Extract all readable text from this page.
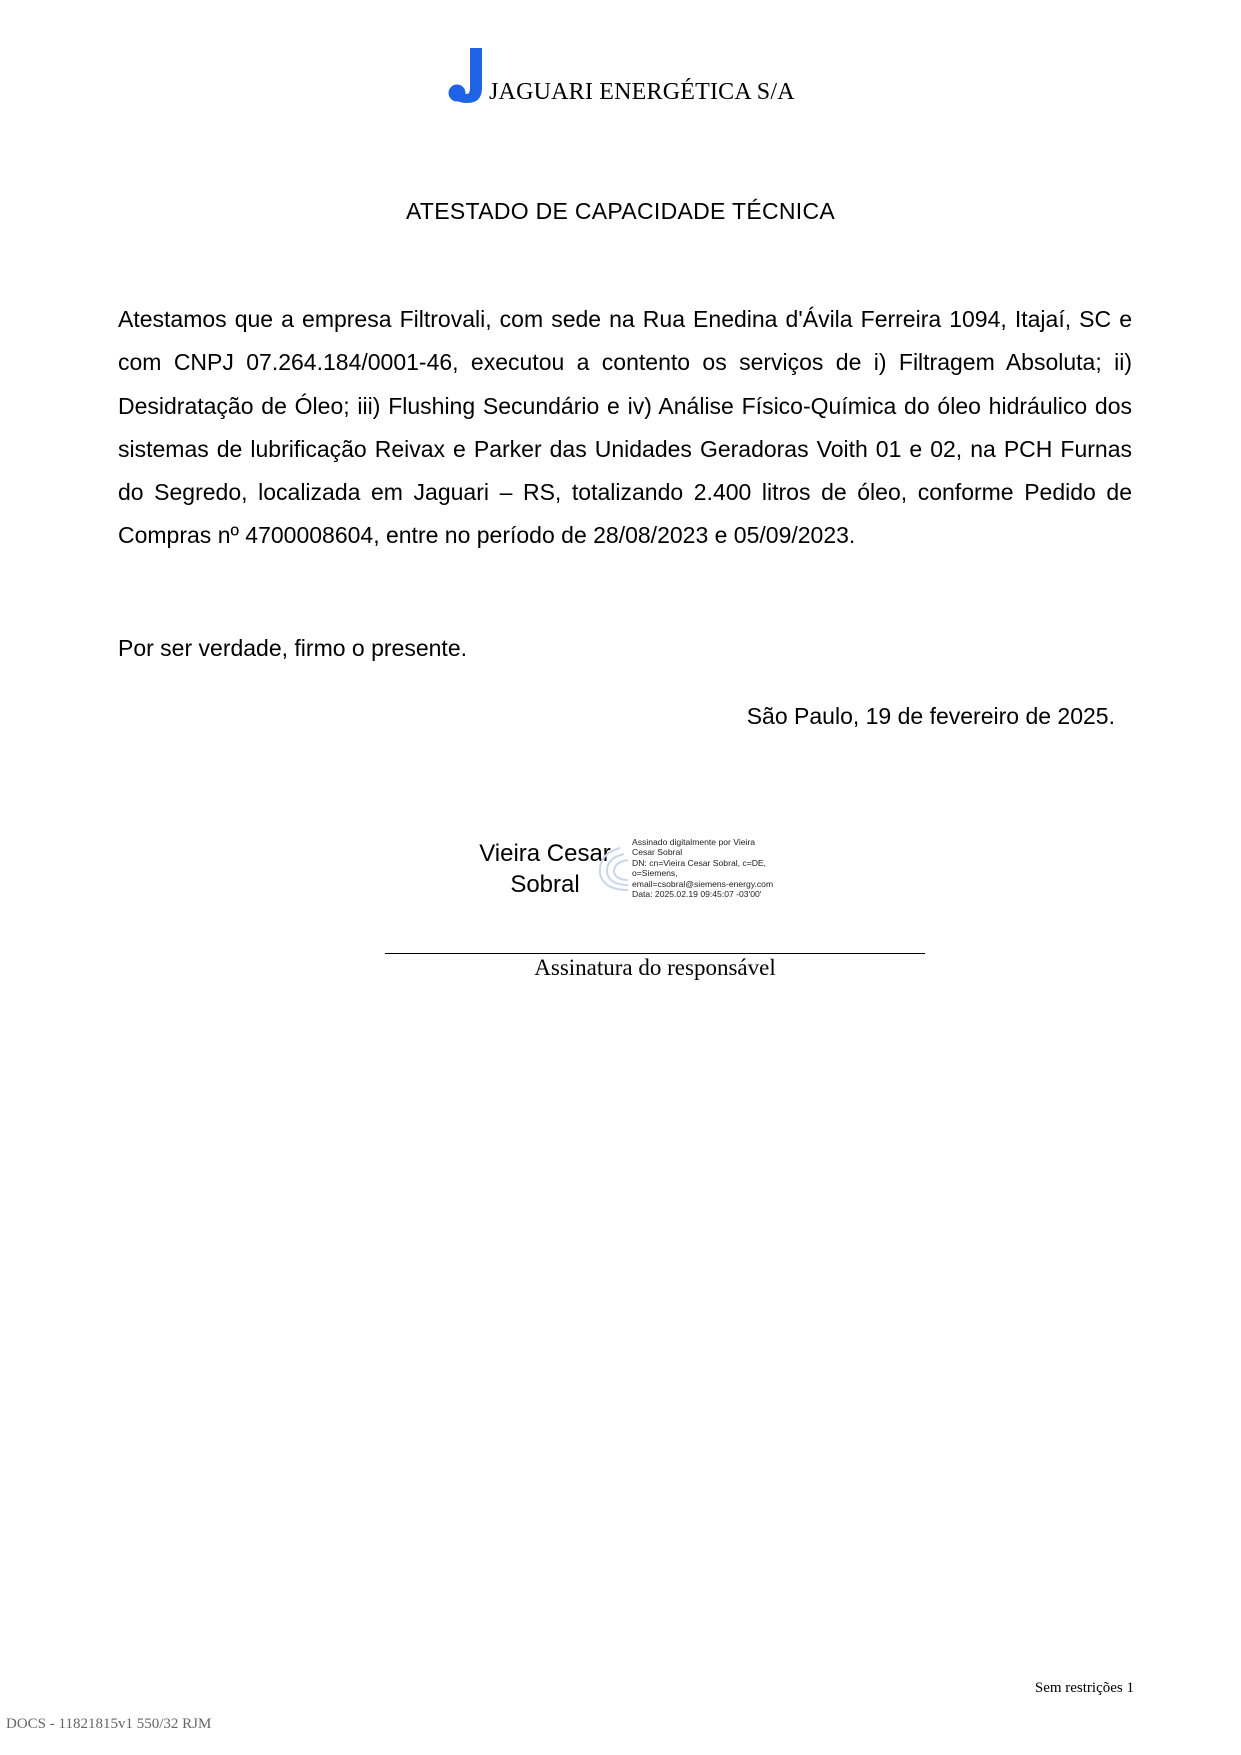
JAGUARI ENERGÉTICA S/A
ATESTADO DE CAPACIDADE TÉCNICA

Atestamos que a empresa Filtrovali, com sede na Rua Enedina d'Ávila Ferreira 1094, Itajaí, SC e com CNPJ 07.264.184/0001-46, executou a contento os serviços de i) Filtragem Absoluta; ii) Desidratação de Óleo; iii) Flushing Secundário e iv) Análise Físico-Química do óleo hidráulico dos sistemas de lubrificação Reivax e Parker das Unidades Geradoras Voith 01 e 02, na PCH Furnas do Segredo, localizada em Jaguari – RS, totalizando 2.400 litros de óleo, conforme Pedido de Compras nº 4700008604, entre no período de 28/08/2023 e 05/09/2023.

Por ser verdade, firmo o presente.
São Paulo, 19 de fevereiro de 2025.
Vieira Cesar
Sobral
Assinado digitalmente por Vieira
Cesar Sobral
DN: cn=Vieira Cesar Sobral, c=DE,
o=Siemens,
email=csobral@siemens-energy.com
Data: 2025.02.19 09:45:07 -03'00'
Assinatura do responsável
Sem restrições 1
DOCS - 11821815v1 550/32 RJM
